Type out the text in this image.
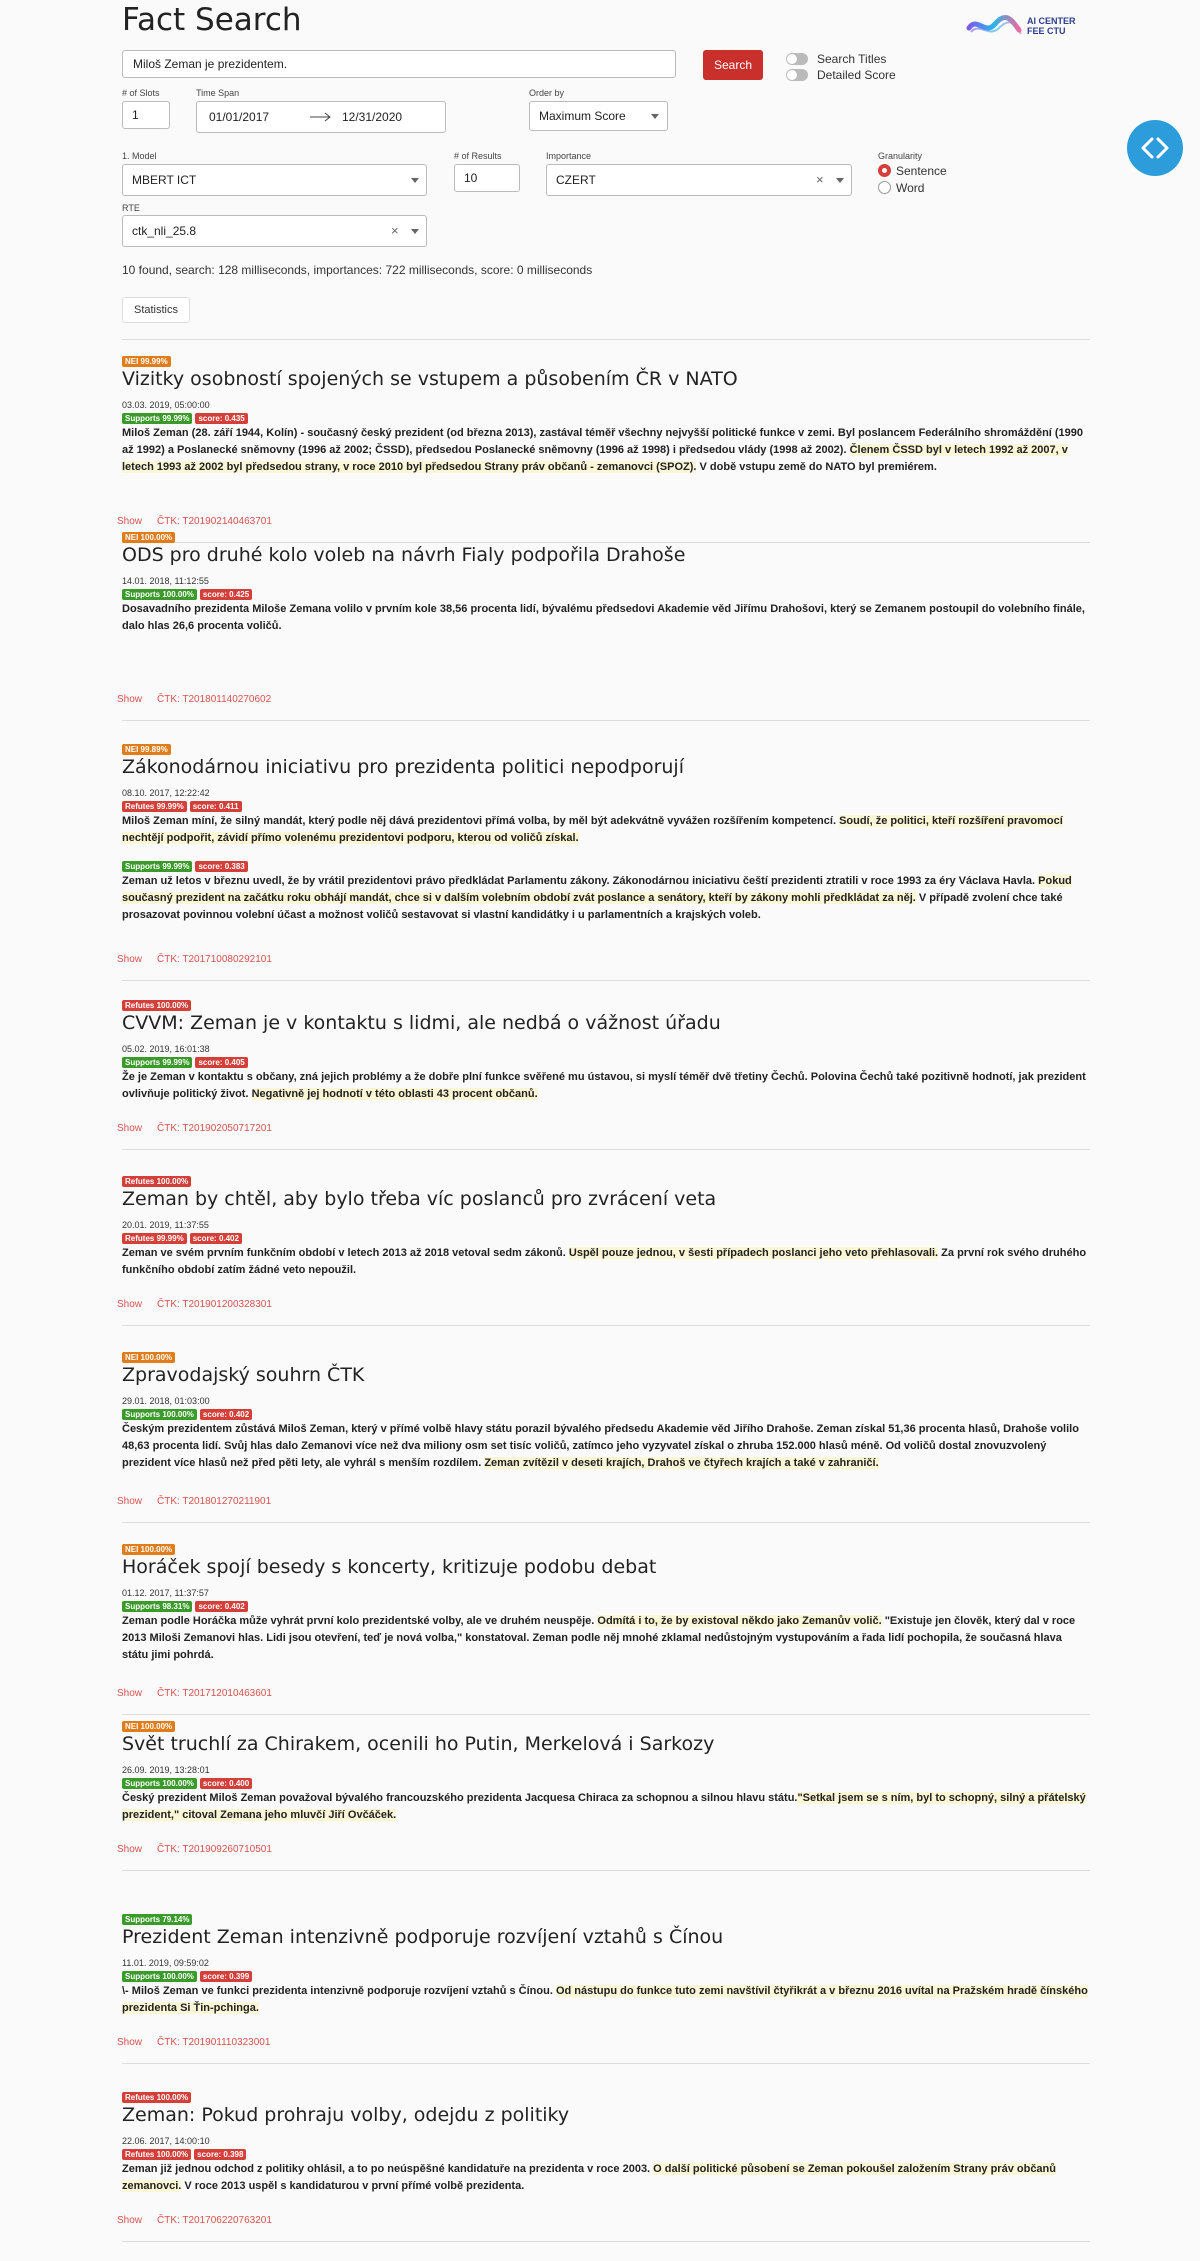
Fact Search	AI CENTER
FEE CTU
Miloš Zeman je prezidentem.	Search	Search Titles
Detailed Score
# of Slots
1
Time Span
01/01/2017	12/31/2020
Order by
Maximum Score
1. Model
MBERT ICT
# of Results
10
Importance
CZERT	×
Granularity
Sentence
Word
RTE
ctk_nli_25.8	×
10 found, search: 128 milliseconds, importances: 722 milliseconds, score: 0 milliseconds
Statistics
NEI 99.99%
Vizitky osobností spojených se vstupem a působením ČR v NATO
03.03. 2019, 05:00:00
Supports 99.99% score: 0.435
Miloš Zeman (28. září 1944, Kolín) - současný český prezident (od března 2013), zastával téměř všechny nejvyšší politické funkce v zemi. Byl poslancem Federálního shromáždění (1990 až 1992) a Poslanecké sněmovny (1996 až 2002; ČSSD), předsedou Poslanecké sněmovny (1996 až 1998) i předsedou vlády (1998 až 2002). Členem ČSSD byl v letech 1992 až 2007, v letech 1993 až 2002 byl předsedou strany, v roce 2010 byl předsedou Strany práv občanů - zemanovci (SPOZ). V době vstupu země do NATO byl premiérem.
Show ČTK: T201902140463701
NEI 100.00%
ODS pro druhé kolo voleb na návrh Fialy podpořila Drahoše
14.01. 2018, 11:12:55
Supports 100.00% score: 0.425
Dosavadního prezidenta Miloše Zemana volilo v prvním kole 38,56 procenta lidí, bývalému předsedovi Akademie věd Jiřímu Drahošovi, který se Zemanem postoupil do volebního finále, dalo hlas 26,6 procenta voličů.
Show ČTK: T201801140270602
NEI 99.89%
Zákonodárnou iniciativu pro prezidenta politici nepodporují
08.10. 2017, 12:22:42
Refutes 99.99% score: 0.411
Miloš Zeman míní, že silný mandát, který podle něj dává prezidentovi přímá volba, by měl být adekvátně vyvážen rozšířením kompetencí. Soudí, že politici, kteří rozšíření pravomocí nechtějí podpořit, závidí přímo volenému prezidentovi podporu, kterou od voličů získal.
Supports 99.99% score: 0.383
Zeman už letos v březnu uvedl, že by vrátil prezidentovi právo předkládat Parlamentu zákony. Zákonodárnou iniciativu čeští prezidenti ztratili v roce 1993 za éry Václava Havla. Pokud současný prezident na začátku roku obhájí mandát, chce si v dalším volebním období zvát poslance a senátory, kteří by zákony mohli předkládat za něj. V případě zvolení chce také prosazovat povinnou volební účast a možnost voličů sestavovat si vlastní kandidátky i u parlamentních a krajských voleb.
Show ČTK: T201710080292101
Refutes 100.00%
CVVM: Zeman je v kontaktu s lidmi, ale nedbá o vážnost úřadu
05.02. 2019, 16:01:38
Supports 99.99% score: 0.405
Že je Zeman v kontaktu s občany, zná jejich problémy a že dobře plní funkce svěřené mu ústavou, si myslí téměř dvě třetiny Čechů. Polovina Čechů také pozitivně hodnotí, jak prezident ovlivňuje politický život. Negativně jej hodnotí v této oblasti 43 procent občanů.
Show ČTK: T201902050717201
Refutes 100.00%
Zeman by chtěl, aby bylo třeba víc poslanců pro zvrácení veta
20.01. 2019, 11:37:55
Refutes 99.99% score: 0.402
Zeman ve svém prvním funkčním období v letech 2013 až 2018 vetoval sedm zákonů. Uspěl pouze jednou, v šesti případech poslanci jeho veto přehlasovali. Za první rok svého druhého funkčního období zatím žádné veto nepoužil.
Show ČTK: T201901200328301
NEI 100.00%
Zpravodajský souhrn ČTK
29.01. 2018, 01:03:00
Supports 100.00% score: 0.402
Českým prezidentem zůstává Miloš Zeman, který v přímé volbě hlavy státu porazil bývalého předsedu Akademie věd Jiřího Drahoše. Zeman získal 51,36 procenta hlasů, Drahoše volilo 48,63 procenta lidí. Svůj hlas dalo Zemanovi více než dva miliony osm set tisíc voličů, zatímco jeho vyzyvatel získal o zhruba 152.000 hlasů méně. Od voličů dostal znovuzvolený prezident více hlasů než před pěti lety, ale vyhrál s menším rozdílem. Zeman zvítězil v deseti krajích, Drahoš ve čtyřech krajích a také v zahraničí.
Show ČTK: T201801270211901
NEI 100.00%
Horáček spojí besedy s koncerty, kritizuje podobu debat
01.12. 2017, 11:37:57
Supports 98.31% score: 0.402
Zeman podle Horáčka může vyhrát první kolo prezidentské volby, ale ve druhém neuspěje. Odmítá i to, že by existoval někdo jako Zemanův volič. "Existuje jen člověk, který dal v roce 2013 Miloši Zemanovi hlas. Lidi jsou otevření, teď je nová volba," konstatoval. Zeman podle něj mnohé zklamal nedůstojným vystupováním a řada lidí pochopila, že současná hlava státu jimi pohrdá.
Show ČTK: T201712010463601
NEI 100.00%
Svět truchlí za Chirakem, ocenili ho Putin, Merkelová i Sarkozy
26.09. 2019, 13:28:01
Supports 100.00% score: 0.400
Český prezident Miloš Zeman považoval bývalého francouzského prezidenta Jacquesa Chiraca za schopnou a silnou hlavu státu."Setkal jsem se s ním, byl to schopný, silný a přátelský prezident," citoval Zemana jeho mluvčí Jiří Ovčáček.
Show ČTK: T201909260710501
Supports 79.14%
Prezident Zeman intenzivně podporuje rozvíjení vztahů s Čínou
11.01. 2019, 09:59:02
Supports 100.00% score: 0.399
\- Miloš Zeman ve funkci prezidenta intenzivně podporuje rozvíjení vztahů s Čínou. Od nástupu do funkce tuto zemi navštívil čtyřikrát a v březnu 2016 uvítal na Pražském hradě čínského prezidenta Si Ťin-pchinga.
Show ČTK: T201901110323001
Refutes 100.00%
Zeman: Pokud prohraju volby, odejdu z politiky
22.06. 2017, 14:00:10
Refutes 100.00% score: 0.398
Zeman již jednou odchod z politiky ohlásil, a to po neúspěšné kandidatuře na prezidenta v roce 2003. O další politické působení se Zeman pokoušel založením Strany práv občanů zemanovci. V roce 2013 uspěl s kandidaturou v první přímé volbě prezidenta.
Show ČTK: T201706220763201
